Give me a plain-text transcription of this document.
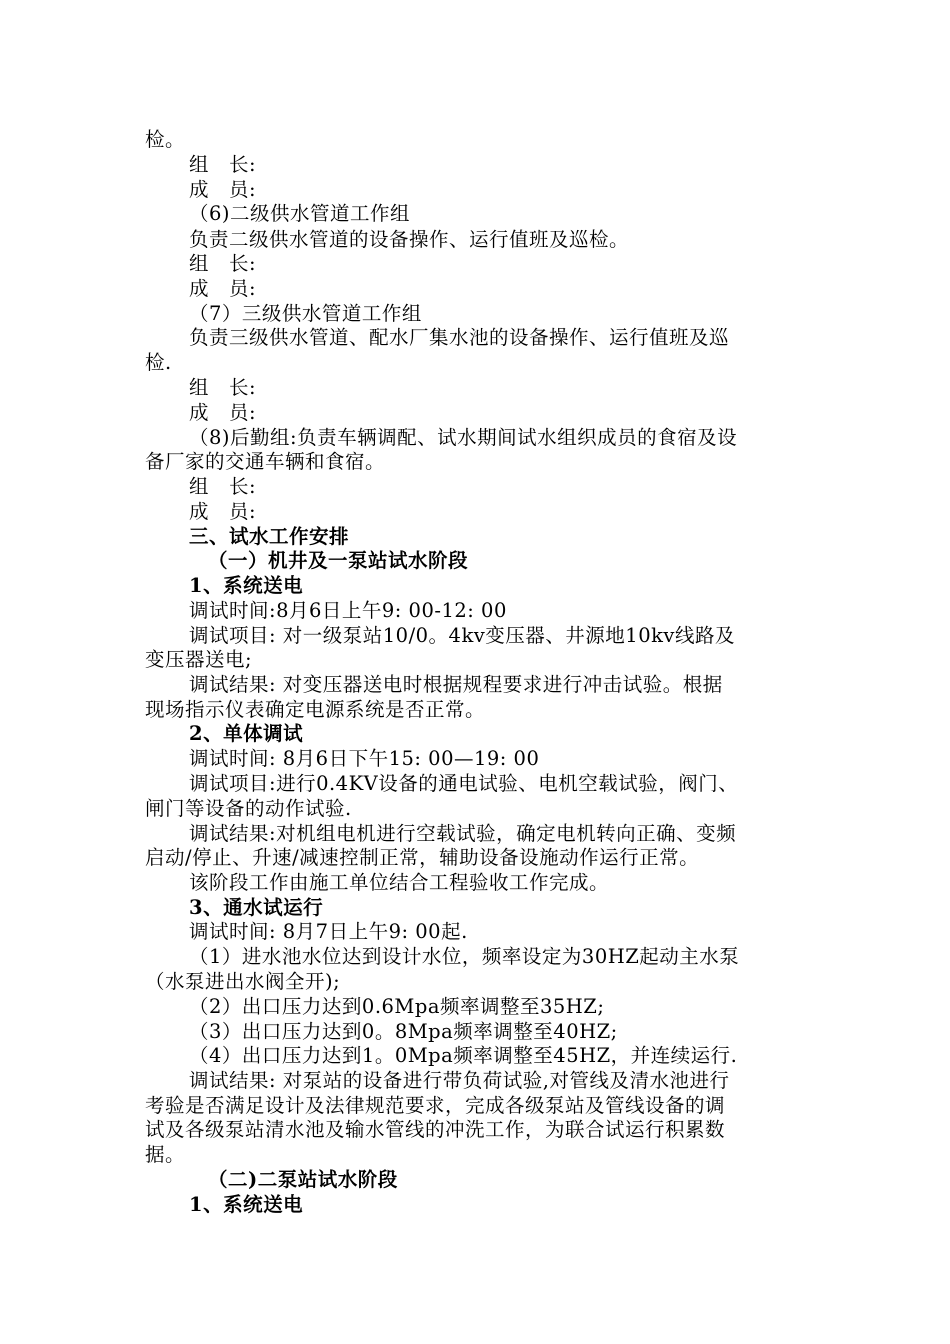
检。
组　长:
成　员:
（6)二级供水管道工作组
负责二级供水管道的设备操作、运行值班及巡检。
组　长:
成　员:
（7）三级供水管道工作组
负责三级供水管道、配水厂集水池的设备操作、运行值班及巡
检.
组　长:
成　员:
（8)后勤组:负责车辆调配、试水期间试水组织成员的食宿及设
备厂家的交通车辆和食宿。
组　长:
成　员:
三、试水工作安排
（一）机井及一泵站试水阶段
1、系统送电
调试时间:8月6日上午9: 00-12: 00
调试项目: 对一级泵站10/0。4kv变压器、井源地10kv线路及
变压器送电;
调试结果: 对变压器送电时根据规程要求进行冲击试验。根据
现场指示仪表确定电源系统是否正常。
2、单体调试
调试时间: 8月6日下午15: 00—19: 00
调试项目:进行0.4KV设备的通电试验、电机空载试验，阀门、
闸门等设备的动作试验.
调试结果:对机组电机进行空载试验，确定电机转向正确、变频
启动/停止、升速/减速控制正常，辅助设备设施动作运行正常。
该阶段工作由施工单位结合工程验收工作完成。
3、通水试运行
调试时间: 8月7日上午9: 00起.
（1）进水池水位达到设计水位，频率设定为30HZ起动主水泵
（水泵进出水阀全开);
（2）出口压力达到0.6Mpa频率调整至35HZ;
（3）出口压力达到0。8Mpa频率调整至40HZ;
（4）出口压力达到1。0Mpa频率调整至45HZ，并连续运行.
调试结果: 对泵站的设备进行带负荷试验,对管线及清水池进行
考验是否满足设计及法律规范要求，完成各级泵站及管线设备的调
试及各级泵站清水池及输水管线的冲洗工作，为联合试运行积累数
据。
（二)二泵站试水阶段
1、系统送电
